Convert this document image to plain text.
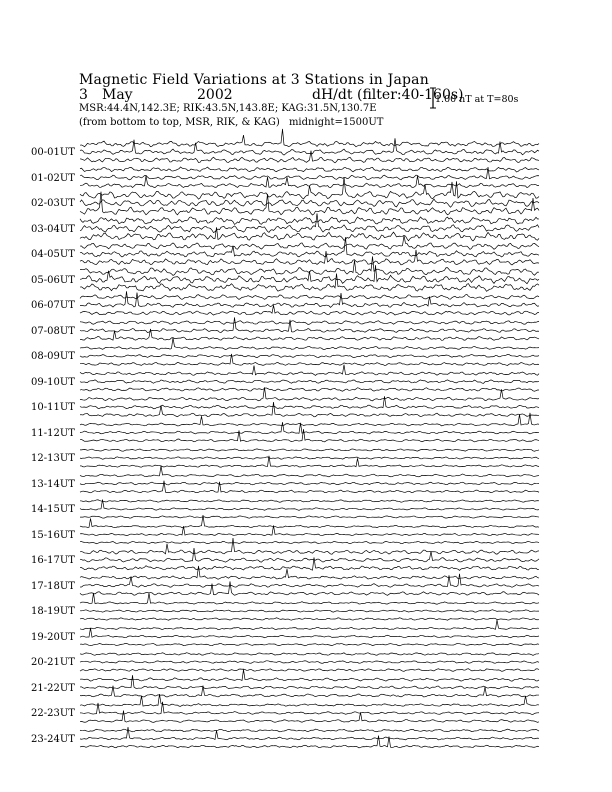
Magnetic Field Variations at 3 Stations in Japan
3 May	2002	dH/dt (filter:40-160s)
MSR:44.4N,142.3E; RIK:43.5N,143.8E; KAG:31.5N,130.7E
(from bottom to top, MSR, RIK, & KAG) midnight=1500UT
1.00 nT at T=80s
00-01UT
01-02UT
02-03UT
03-04UT
04-05UT
05-06UT
06-07UT
07-08UT
08-09UT
09-10UT
10-11UT
11-12UT
12-13UT
13-14UT
14-15UT
15-16UT
16-17UT
17-18UT
18-19UT
19-20UT
20-21UT
21-22UT
22-23UT
23-24UT
